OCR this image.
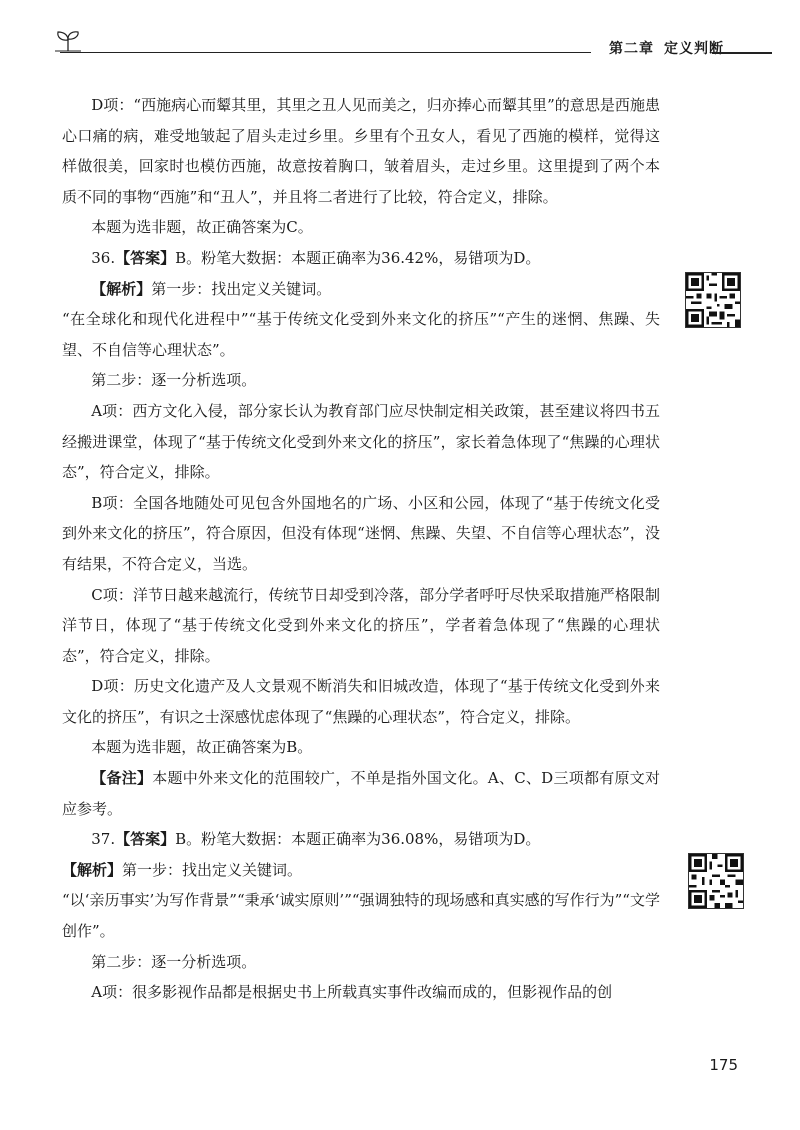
第二章 定义判断

D项：“西施病心而颦其里，其里之丑人见而美之，归亦捧心而颦其里”的意思是西施患心口痛的病，难受地皱起了眉头走过乡里。乡里有个丑女人，看见了西施的模样，觉得这样做很美，回家时也模仿西施，故意按着胸口，皱着眉头，走过乡里。这里提到了两个本质不同的事物“西施”和“丑人”，并且将二者进行了比较，符合定义，排除。

本题为选非题，故正确答案为C。

36.【答案】B。粉笔大数据：本题正确率为36.42%，易错项为D。

【解析】第一步：找出定义关键词。

“在全球化和现代化进程中”“基于传统文化受到外来文化的挤压”“产生的迷惘、焦躁、失望、不自信等心理状态”。

第二步：逐一分析选项。

A项：西方文化入侵，部分家长认为教育部门应尽快制定相关政策，甚至建议将四书五经搬进课堂，体现了“基于传统文化受到外来文化的挤压”，家长着急体现了“焦躁的心理状态”，符合定义，排除。

B项：全国各地随处可见包含外国地名的广场、小区和公园，体现了“基于传统文化受到外来文化的挤压”，符合原因，但没有体现“迷惘、焦躁、失望、不自信等心理状态”，没有结果，不符合定义，当选。

C项：洋节日越来越流行，传统节日却受到冷落，部分学者呼吁尽快采取措施严格限制洋节日，体现了“基于传统文化受到外来文化的挤压”，学者着急体现了“焦躁的心理状态”，符合定义，排除。

D项：历史文化遗产及人文景观不断消失和旧城改造，体现了“基于传统文化受到外来文化的挤压”，有识之士深感忧虑体现了“焦躁的心理状态”，符合定义，排除。

本题为选非题，故正确答案为B。

【备注】本题中外来文化的范围较广，不单是指外国文化。A、C、D三项都有原文对应参考。

37.【答案】B。粉笔大数据：本题正确率为36.08%，易错项为D。

【解析】第一步：找出定义关键词。

“以‘亲历事实’为写作背景”“秉承‘诚实原则’”“强调独特的现场感和真实感的写作行为”“文学创作”。

第二步：逐一分析选项。

A项：很多影视作品都是根据史书上所载真实事件改编而成的，但影视作品的创

175
